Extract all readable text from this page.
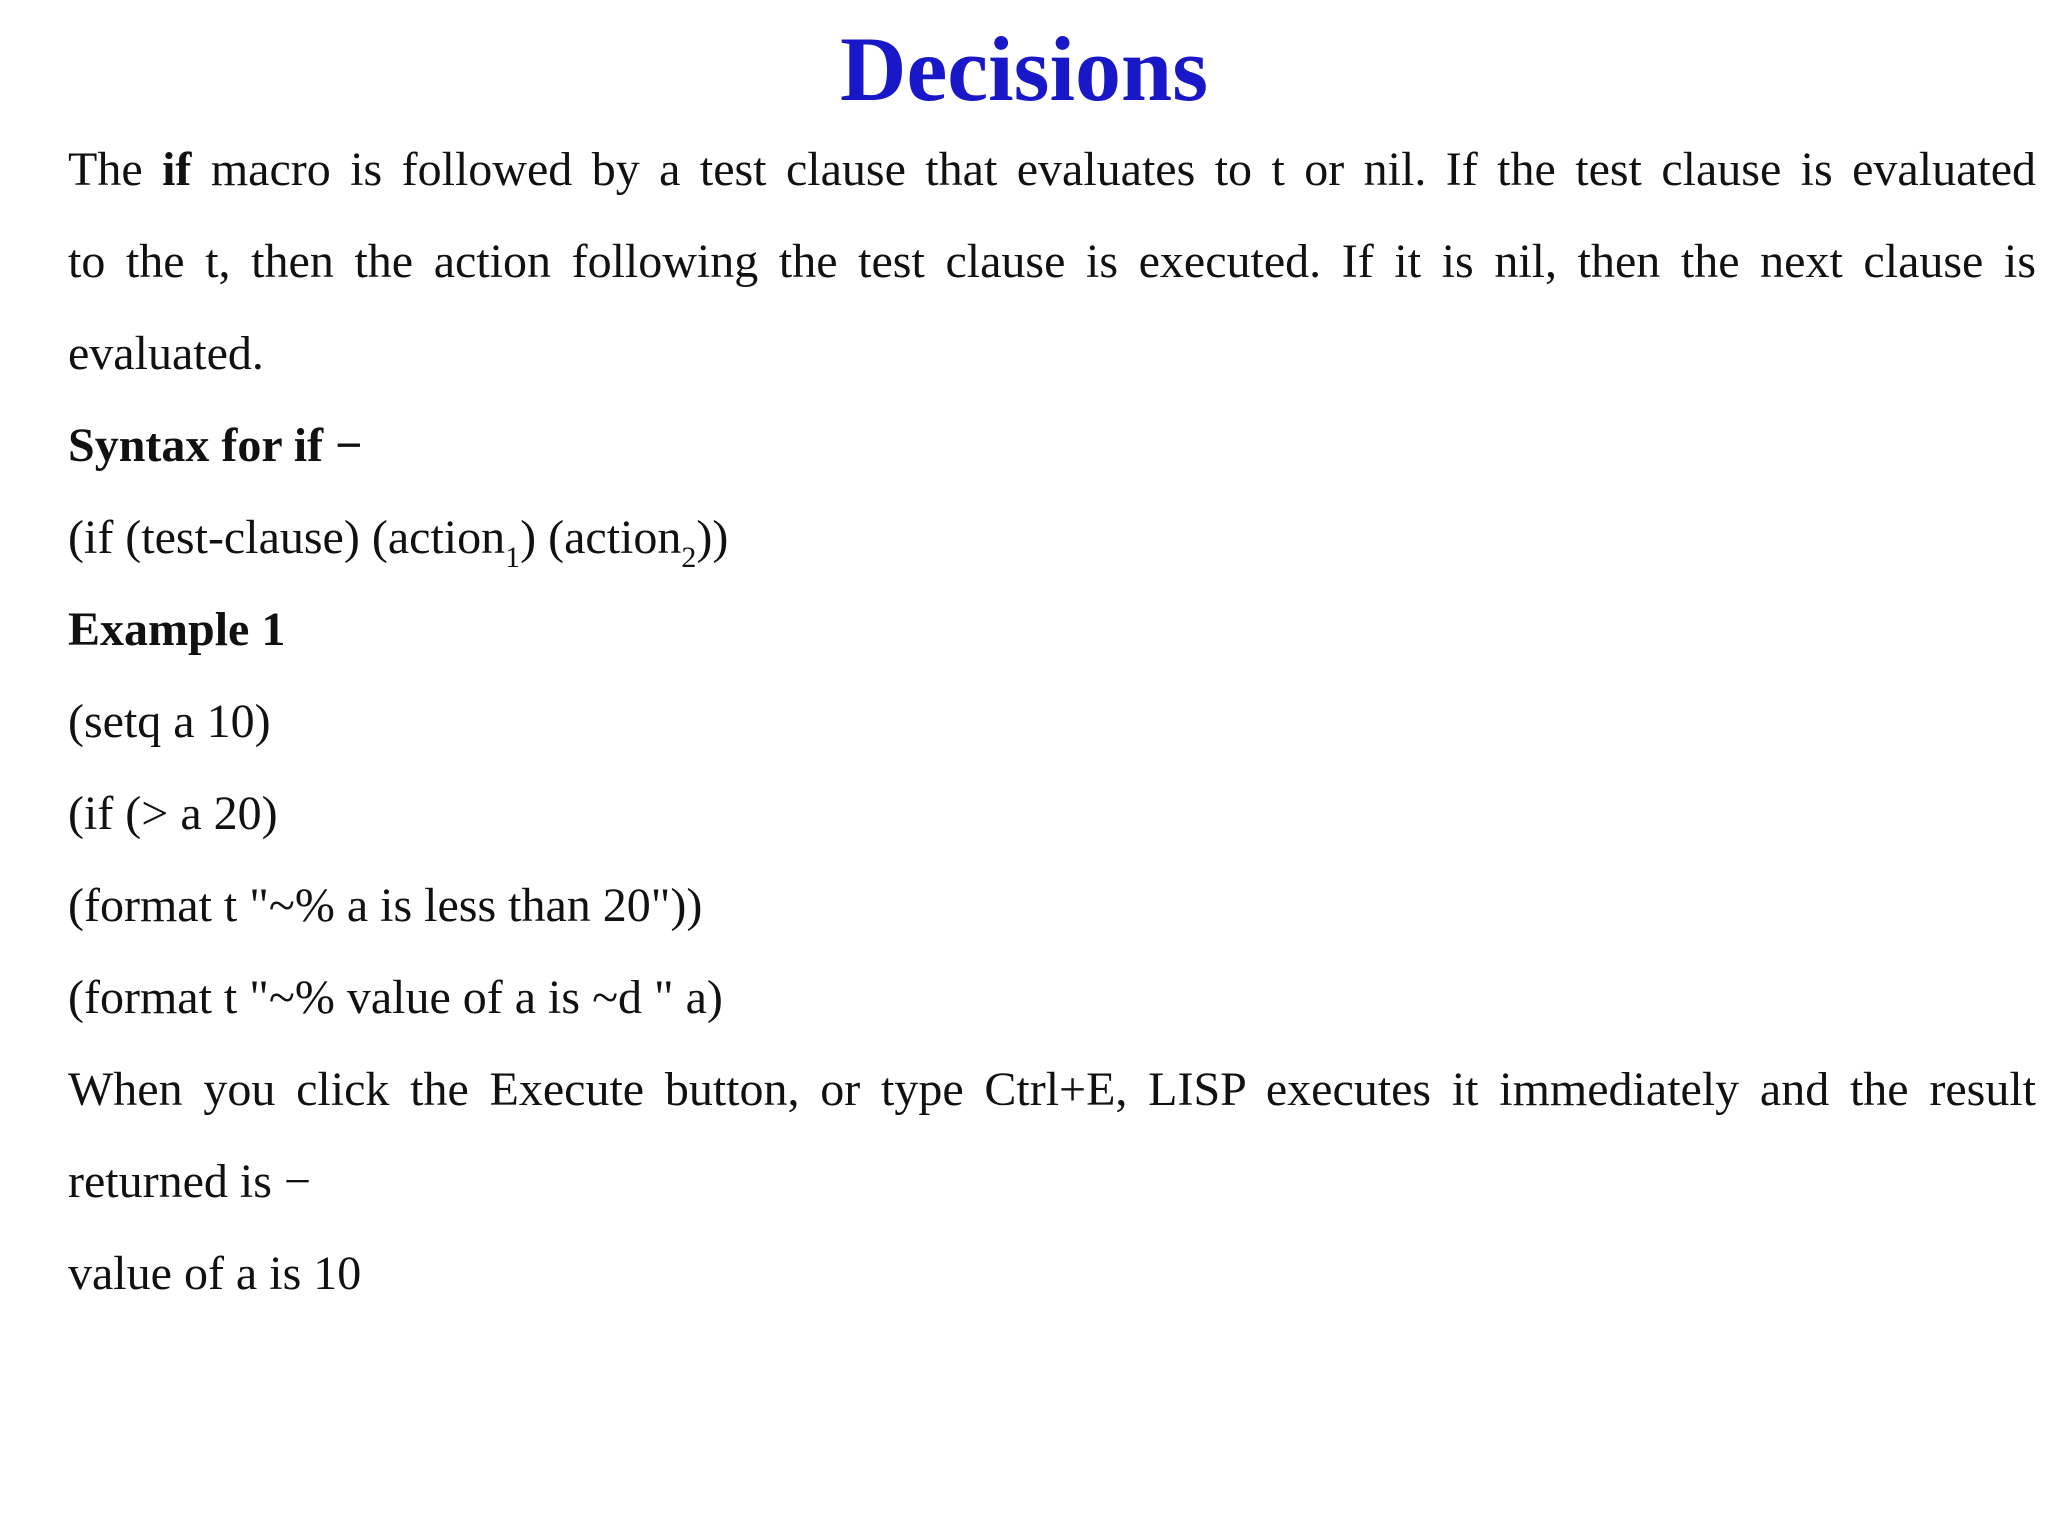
Decisions
The if macro is followed by a test clause that evaluates to t or nil. If the test clause is evaluated
to the t, then the action following the test clause is executed. If it is nil, then the next clause is
evaluated.
Syntax for if −
(if (test-clause) (action$_1$) (action$_2$))
Example 1
(setq a 10)
(if (> a 20)
(format t "~% a is less than 20"))
(format t "~% value of a is ~d " a)
When you click the Execute button, or type Ctrl+E, LISP executes it immediately and the result
returned is −
value of a is 10
